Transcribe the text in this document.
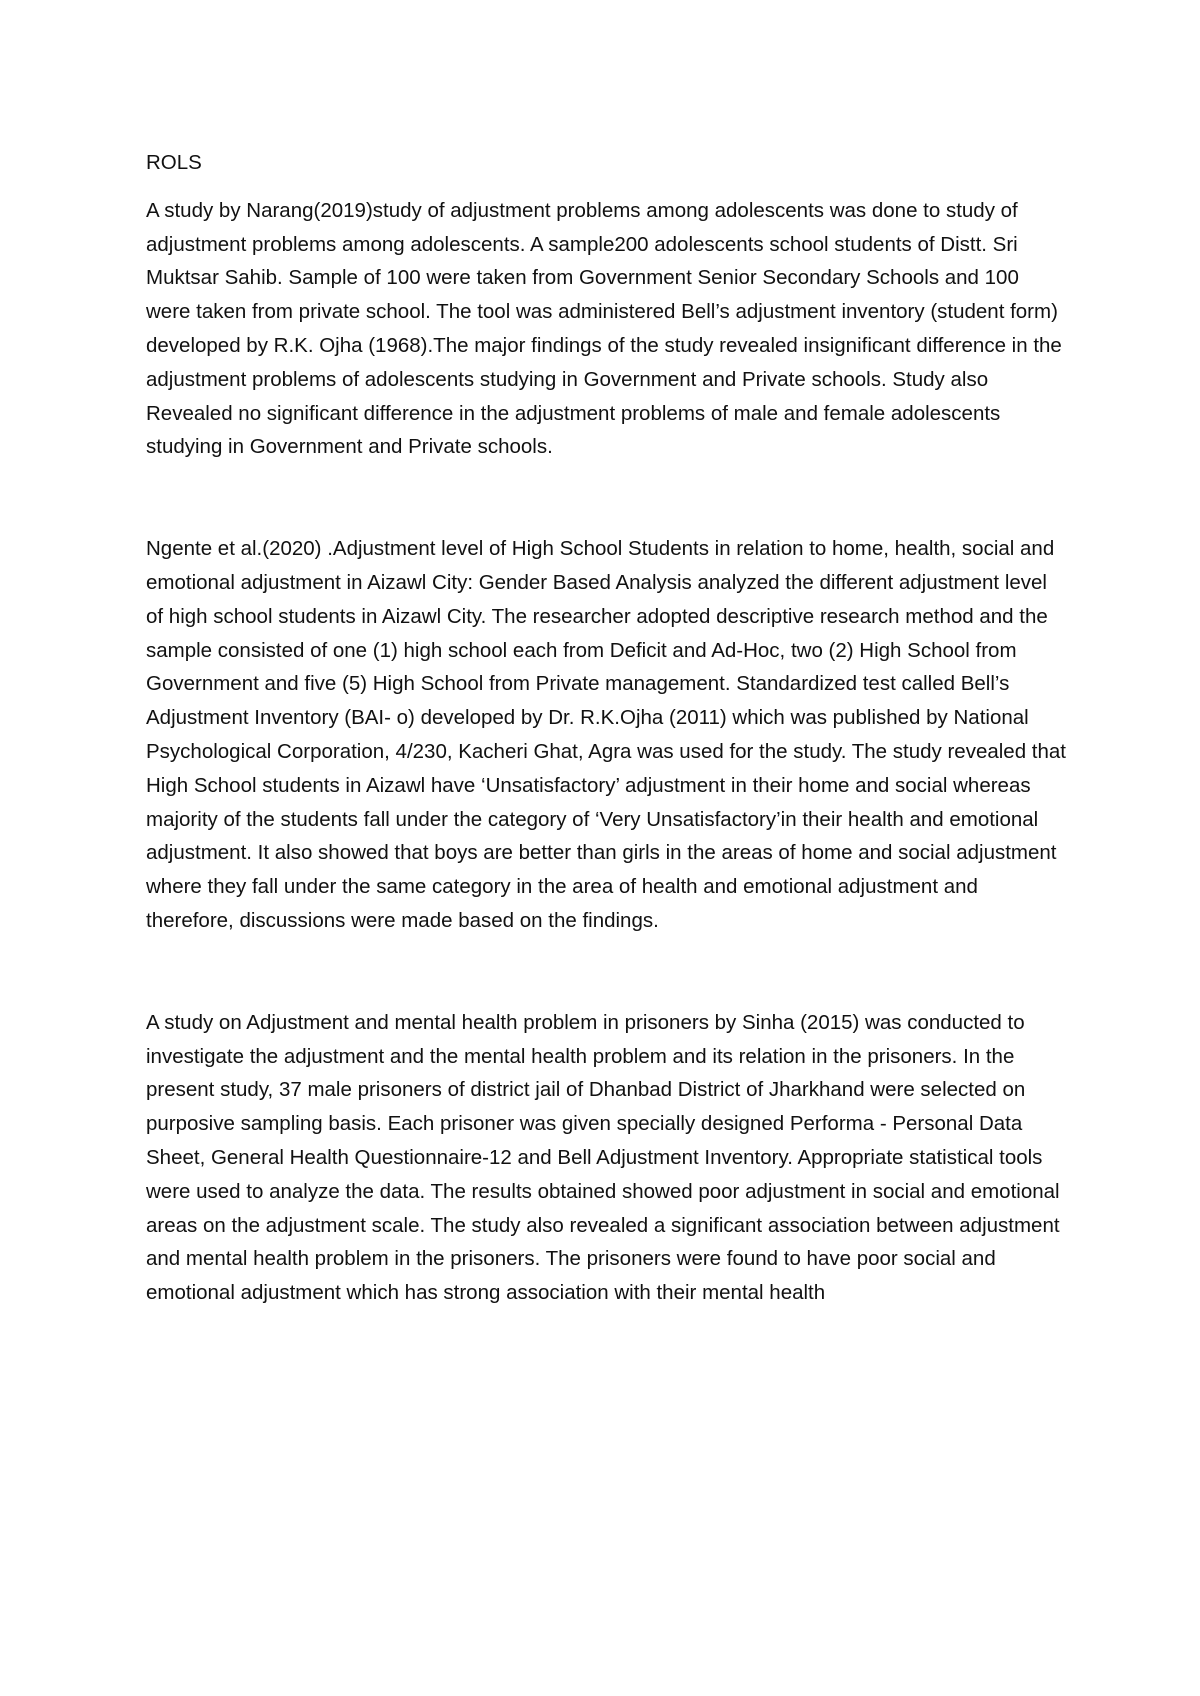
ROLS

A study by Narang(2019)study of adjustment problems among adolescents was done to study of adjustment problems among adolescents. A sample200 adolescents school students of Distt. Sri Muktsar Sahib. Sample of 100 were taken from Government Senior Secondary Schools and 100 were taken from private school. The tool was administered Bell’s adjustment inventory (student form) developed by R.K. Ojha (1968).The major findings of the study revealed insignificant difference in the adjustment problems of adolescents studying in Government and Private schools. Study also Revealed no significant difference in the adjustment problems of male and female adolescents studying in Government and Private schools.

Ngente et al.(2020) .Adjustment level of High School Students in relation to home, health, social and emotional adjustment in Aizawl City: Gender Based Analysis analyzed the different adjustment level of high school students in Aizawl City. The researcher adopted descriptive research method and the sample consisted of one (1) high school each from Deficit and Ad-Hoc, two (2) High School from Government and five (5) High School from Private management. Standardized test called Bell’s Adjustment Inventory (BAI- o) developed by Dr. R.K.Ojha (2011) which was published by National Psychological Corporation, 4/230, Kacheri Ghat, Agra was used for the study. The study revealed that High School students in Aizawl have ‘Unsatisfactory’ adjustment in their home and social whereas majority of the students fall under the category of ‘Very Unsatisfactory’in their health and emotional adjustment. It also showed that boys are better than girls in the areas of home and social adjustment where they fall under the same category in the area of health and emotional adjustment and therefore, discussions were made based on the findings.

A study on Adjustment and mental health problem in prisoners by Sinha (2015) was conducted to investigate the adjustment and the mental health problem and its relation in the prisoners. In the present study, 37 male prisoners of district jail of Dhanbad District of Jharkhand were selected on purposive sampling basis. Each prisoner was given specially designed Performa - Personal Data Sheet, General Health Questionnaire-12 and Bell Adjustment Inventory. Appropriate statistical tools were used to analyze the data. The results obtained showed poor adjustment in social and emotional areas on the adjustment scale. The study also revealed a significant association between adjustment and mental health problem in the prisoners. The prisoners were found to have poor social and emotional adjustment which has strong association with their mental health
